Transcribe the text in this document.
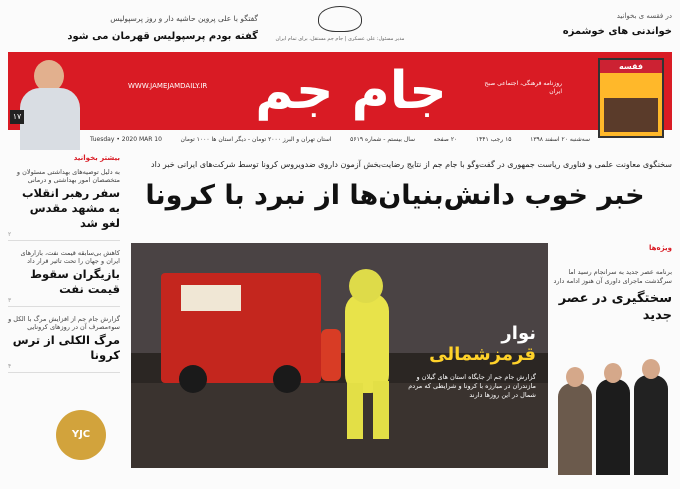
در فقسه ی بخوانید
خواندنی های خوشمزه
مدیر مسئول: علی عسکری | جام جم مستقل، برای تمام ایران
گفتگو با علی پروین حاشیه دار و روز پرسپولیس
گفته بودم پرسپولیس قهرمان می شود
جام جم
WWW.JAMEJAMDAILY.IR	روزنامه فرهنگی، اجتماعی صبح ایران
فقسه
۱۷
سه‌شنبه ۲۰ اسفند ۱۳۹۸
۱۵ رجب ۱۴۴۱
۲۰ صفحه
سال بیستم - شماره ۵۶۱۹
استان تهران و البرز ۲۰۰۰ تومان - دیگر استان ها ۱۰۰۰ تومان
Tuesday • 2020 MAR 10
سخنگوی معاونت علمی و فناوری ریاست جمهوری در گفت‌وگو با جام جم از نتایج رضایت‌بخش آزمون داروی ضدویروس کرونا توسط شرکت‌های ایرانی خبر داد
خبر خوب دانش‌بنیان‌ها از نبرد با کرونا
بیشتر بخوانید
به دلیل توصیه‌های بهداشتی مسئولان و متخصصان امور بهداشتی و درمانی
سفر رهبر انقلاب به مشهد مقدس لغو شد
۲
کاهش بی‌سابقه قیمت نفت، بازارهای ایران و جهان را تحت تاثیر قرار داد
بازیگران سقوط قیمت نفت
۳
گزارش جام جم از افزایش مرگ با الکل و سوءمصرف آن در روزهای کرونایی
مرگ الکلی از ترس کرونا
۴
YJC
نوار
قرمزشمالی
گزارش جام جم از جایگاه استان های گیلان و مازندران در مبارزه با کرونا و شرایطی که مردم شمال در این روزها دارند
ویژه‌ها
برنامه عصر جدید به سرانجام رسید اما سرگذشت ماجرای داوری آن هنوز ادامه دارد
سختگیری در عصر جدید
